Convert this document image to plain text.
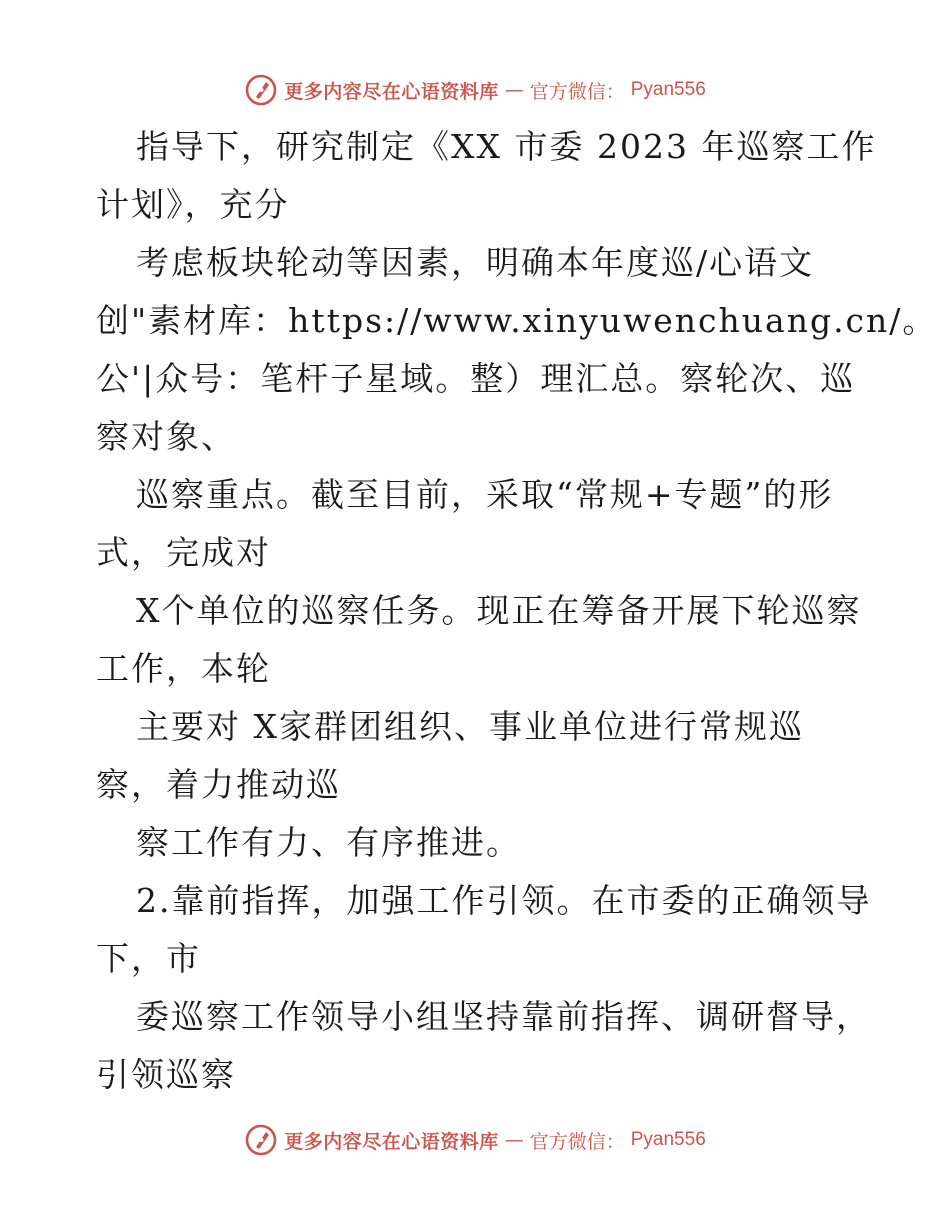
更多内容尽在心语资料库 — 官方微信： Pyan556
指导下，研究制定《XX 市委 2023 年巡察工作
计划》，充分
考虑板块轮动等因素，明确本年度巡/心语文
创"素材库：https://www.xinyuwenchuang.cn/。
公'|众号：笔杆子星域。整）理汇总。察轮次、巡
察对象、
巡察重点。截至目前，采取“常规+专题”的形
式，完成对
X个单位的巡察任务。现正在筹备开展下轮巡察
工作，本轮
主要对 X家群团组织、事业单位进行常规巡
察，着力推动巡
察工作有力、有序推进。
2.靠前指挥，加强工作引领。在市委的正确领导
下，市
委巡察工作领导小组坚持靠前指挥、调研督导，
引领巡察
更多内容尽在心语资料库 — 官方微信： Pyan556
